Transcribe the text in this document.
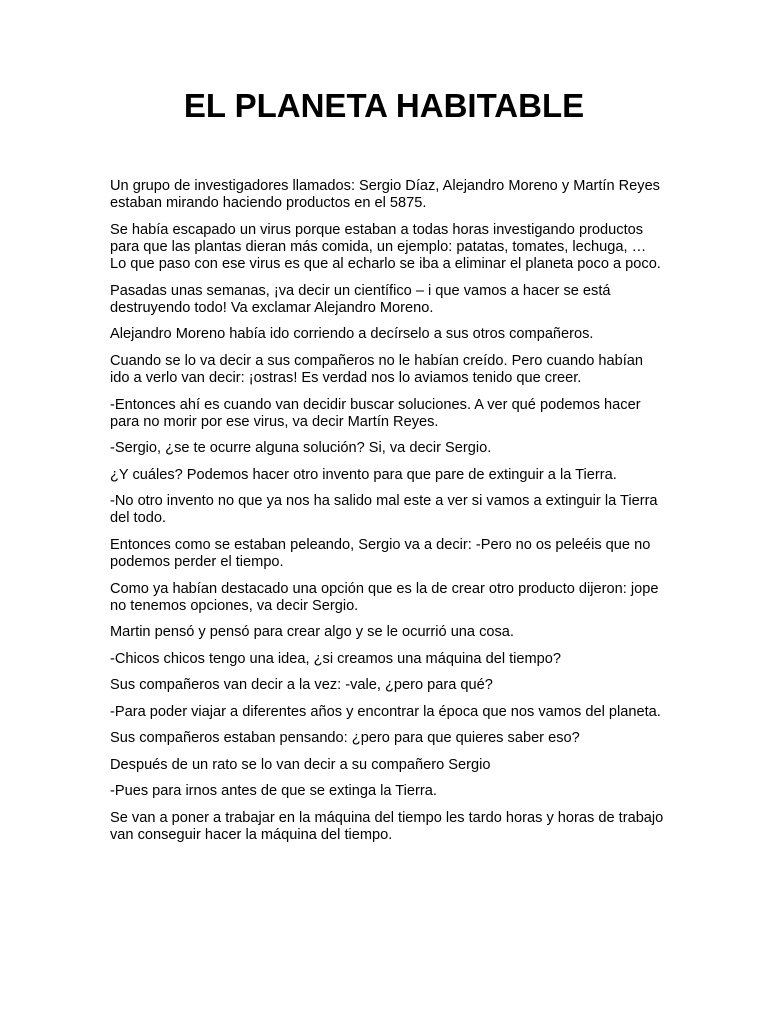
EL PLANETA HABITABLE

Un grupo de investigadores llamados: Sergio Díaz, Alejandro Moreno y Martín Reyes estaban mirando haciendo productos en el 5875.

Se había escapado un virus porque estaban a todas horas investigando productos para que las plantas dieran más comida, un ejemplo: patatas, tomates, lechuga, … Lo que paso con ese virus es que al echarlo se iba a eliminar el planeta poco a poco.

Pasadas unas semanas, ¡va decir un científico – i que vamos a hacer se está destruyendo todo! Va exclamar Alejandro Moreno.

Alejandro Moreno había ido corriendo a decírselo a sus otros compañeros.

Cuando se lo va decir a sus compañeros no le habían creído. Pero cuando habían ido a verlo van decir: ¡ostras! Es verdad nos lo aviamos tenido que creer.

-Entonces ahí es cuando van decidir buscar soluciones. A ver qué podemos hacer para no morir por ese virus, va decir Martín Reyes.

-Sergio, ¿se te ocurre alguna solución? Si, va decir Sergio.

¿Y cuáles? Podemos hacer otro invento para que pare de extinguir a la Tierra.

-No otro invento no que ya nos ha salido mal este a ver si vamos a extinguir la Tierra del todo.

Entonces como se estaban peleando, Sergio va a decir: -Pero no os peleéis que no podemos perder el tiempo.

Como ya habían destacado una opción que es la de crear otro producto dijeron: jope no tenemos opciones, va decir Sergio.

Martin pensó y pensó para crear algo y se le ocurrió una cosa.

-Chicos chicos tengo una idea, ¿si creamos una máquina del tiempo?

Sus compañeros van decir a la vez: -vale, ¿pero para qué?

-Para poder viajar a diferentes años y encontrar la época que nos vamos del planeta.

Sus compañeros estaban pensando: ¿pero para que quieres saber eso?

Después de un rato se lo van decir a su compañero Sergio

-Pues para irnos antes de que se extinga la Tierra.

Se van a poner a trabajar en la máquina del tiempo les tardo horas y horas de trabajo van conseguir hacer la máquina del tiempo.
